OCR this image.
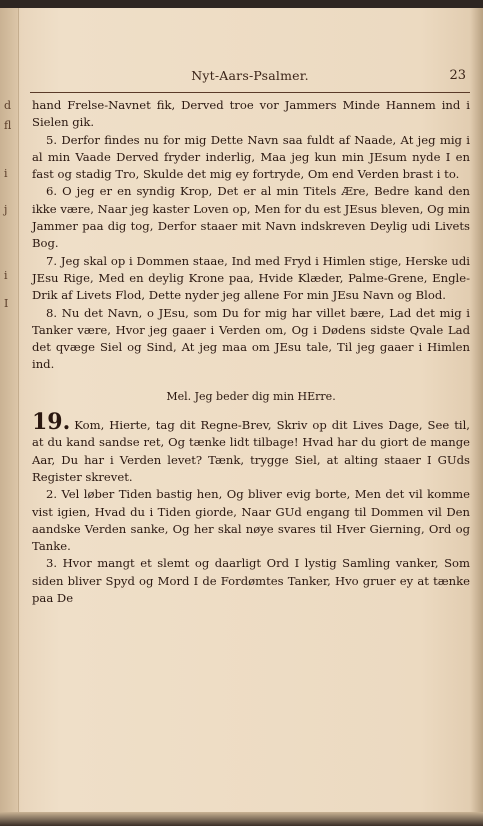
d
ﬂ
i
j
i
I
Nyt-Aars-Psalmer.	23

hand Frelse-Navnet fik, Derved troe vor Jammers Minde Hannem ind i Sielen gik.

5. Derfor findes nu for mig Dette Navn saa fuldt af Naade, At jeg mig i al min Vaade Derved fryder inderlig, Maa jeg kun min JEsum nyde I en fast og stadig Tro, Skulde det mig ey fortryde, Om end Verden brast i to.

6. O jeg er en syndig Krop, Det er al min Titels Ære, Bedre kand den ikke være, Naar jeg kaster Loven op, Men for du est JEsus bleven, Og min Jammer paa dig tog, Derfor staaer mit Navn indskreven Deylig udi Livets Bog.

7. Jeg skal op i Dommen staae, Ind med Fryd i Himlen stige, Herske udi JEsu Rige, Med en deylig Krone paa, Hvide Klæder, Palme-Grene, Engle-Drik af Livets Flod, Dette nyder jeg allene For min JEsu Navn og Blod.

8. Nu det Navn, o JEsu, som Du for mig har villet bære, Lad det mig i Tanker være, Hvor jeg gaaer i Verden om, Og i Dødens sidste Qvale Lad det qvæge Siel og Sind, At jeg maa om JEsu tale, Til jeg gaaer i Himlen ind.

Mel. Jeg beder dig min HErre.

19. Kom, Hierte, tag dit Regne-Brev, Skriv op dit Lives Dage, See til, at du kand sandse ret, Og tænke lidt tilbage! Hvad har du giort de mange Aar, Du har i Verden levet? Tænk, trygge Siel, at alting staaer I GUds Register skrevet.

2. Vel løber Tiden bastig hen, Og bliver evig borte, Men det vil komme vist igien, Hvad du i Tiden giorde, Naar GUd engang til Dommen vil Den aandske Verden sanke, Og her skal nøye svares til Hver Gierning, Ord og Tanke.

3. Hvor mangt et slemt og daarligt Ord I lystig Samling vanker, Som siden bliver Spyd og Mord I de Fordømtes Tanker, Hvo gruer ey at tænke paa De
